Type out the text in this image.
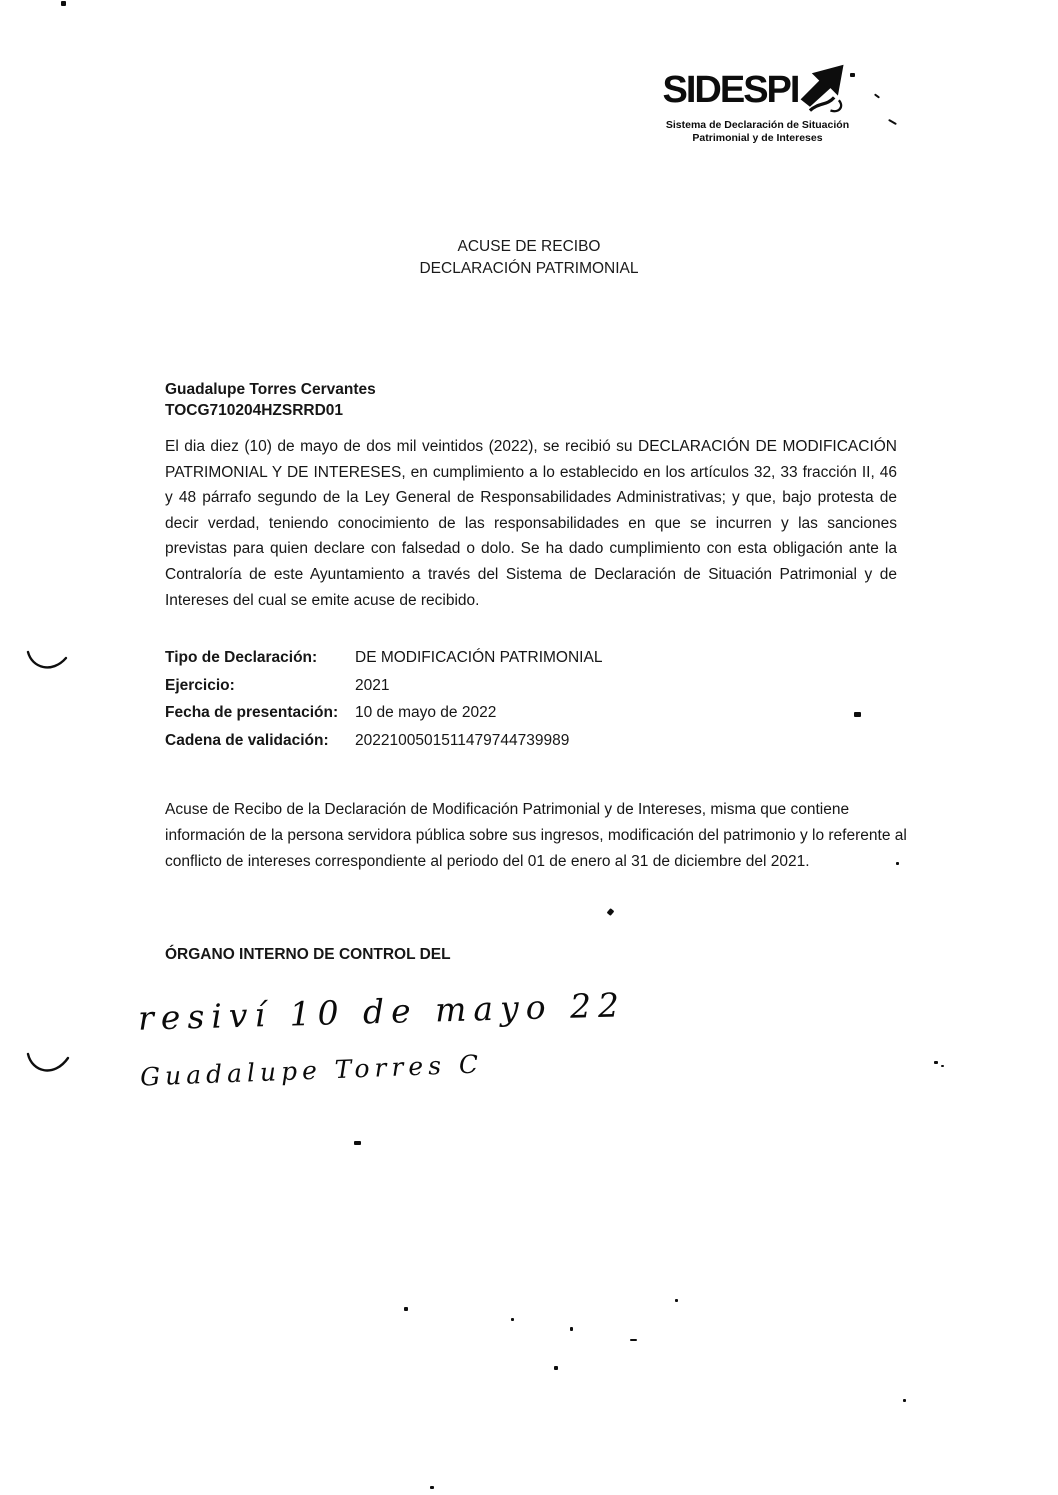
SIDESPI
Sistema de Declaración de Situación
Patrimonial y de Intereses
ACUSE DE RECIBO
DECLARACIÓN PATRIMONIAL
Guadalupe Torres Cervantes
TOCG710204HZSRRD01
El dia diez (10) de mayo de dos mil veintidos (2022), se recibió su DECLARACIÓN DE MODIFICACIÓN PATRIMONIAL Y DE INTERESES, en cumplimiento a lo establecido en los artículos 32, 33 fracción II, 46 y 48 párrafo segundo de la Ley General de Responsabilidades Administrativas; y que, bajo protesta de decir verdad, teniendo conocimiento de las responsabilidades en que se incurren y las sanciones previstas para quien declare con falsedad o dolo. Se ha dado cumplimiento con esta obligación ante la Contraloría de este Ayuntamiento a través del Sistema de Declaración de Situación Patrimonial y de Intereses del cual se emite acuse de recibido.
Tipo de Declaración:	DE MODIFICACIÓN PATRIMONIAL
Ejercicio:	2021
Fecha de presentación:	10 de mayo de 2022
Cadena de validación:	2022100501511479744739989
Acuse de Recibo de la Declaración de Modificación Patrimonial y de Intereses, misma que contiene información de la persona servidora pública sobre sus ingresos, modificación del patrimonio y lo referente al conflicto de intereses correspondiente al periodo del 01 de enero al 31 de diciembre del 2021.
ÓRGANO INTERNO DE CONTROL DEL
resiví 10 de mayo 22
Guadalupe Torres C
